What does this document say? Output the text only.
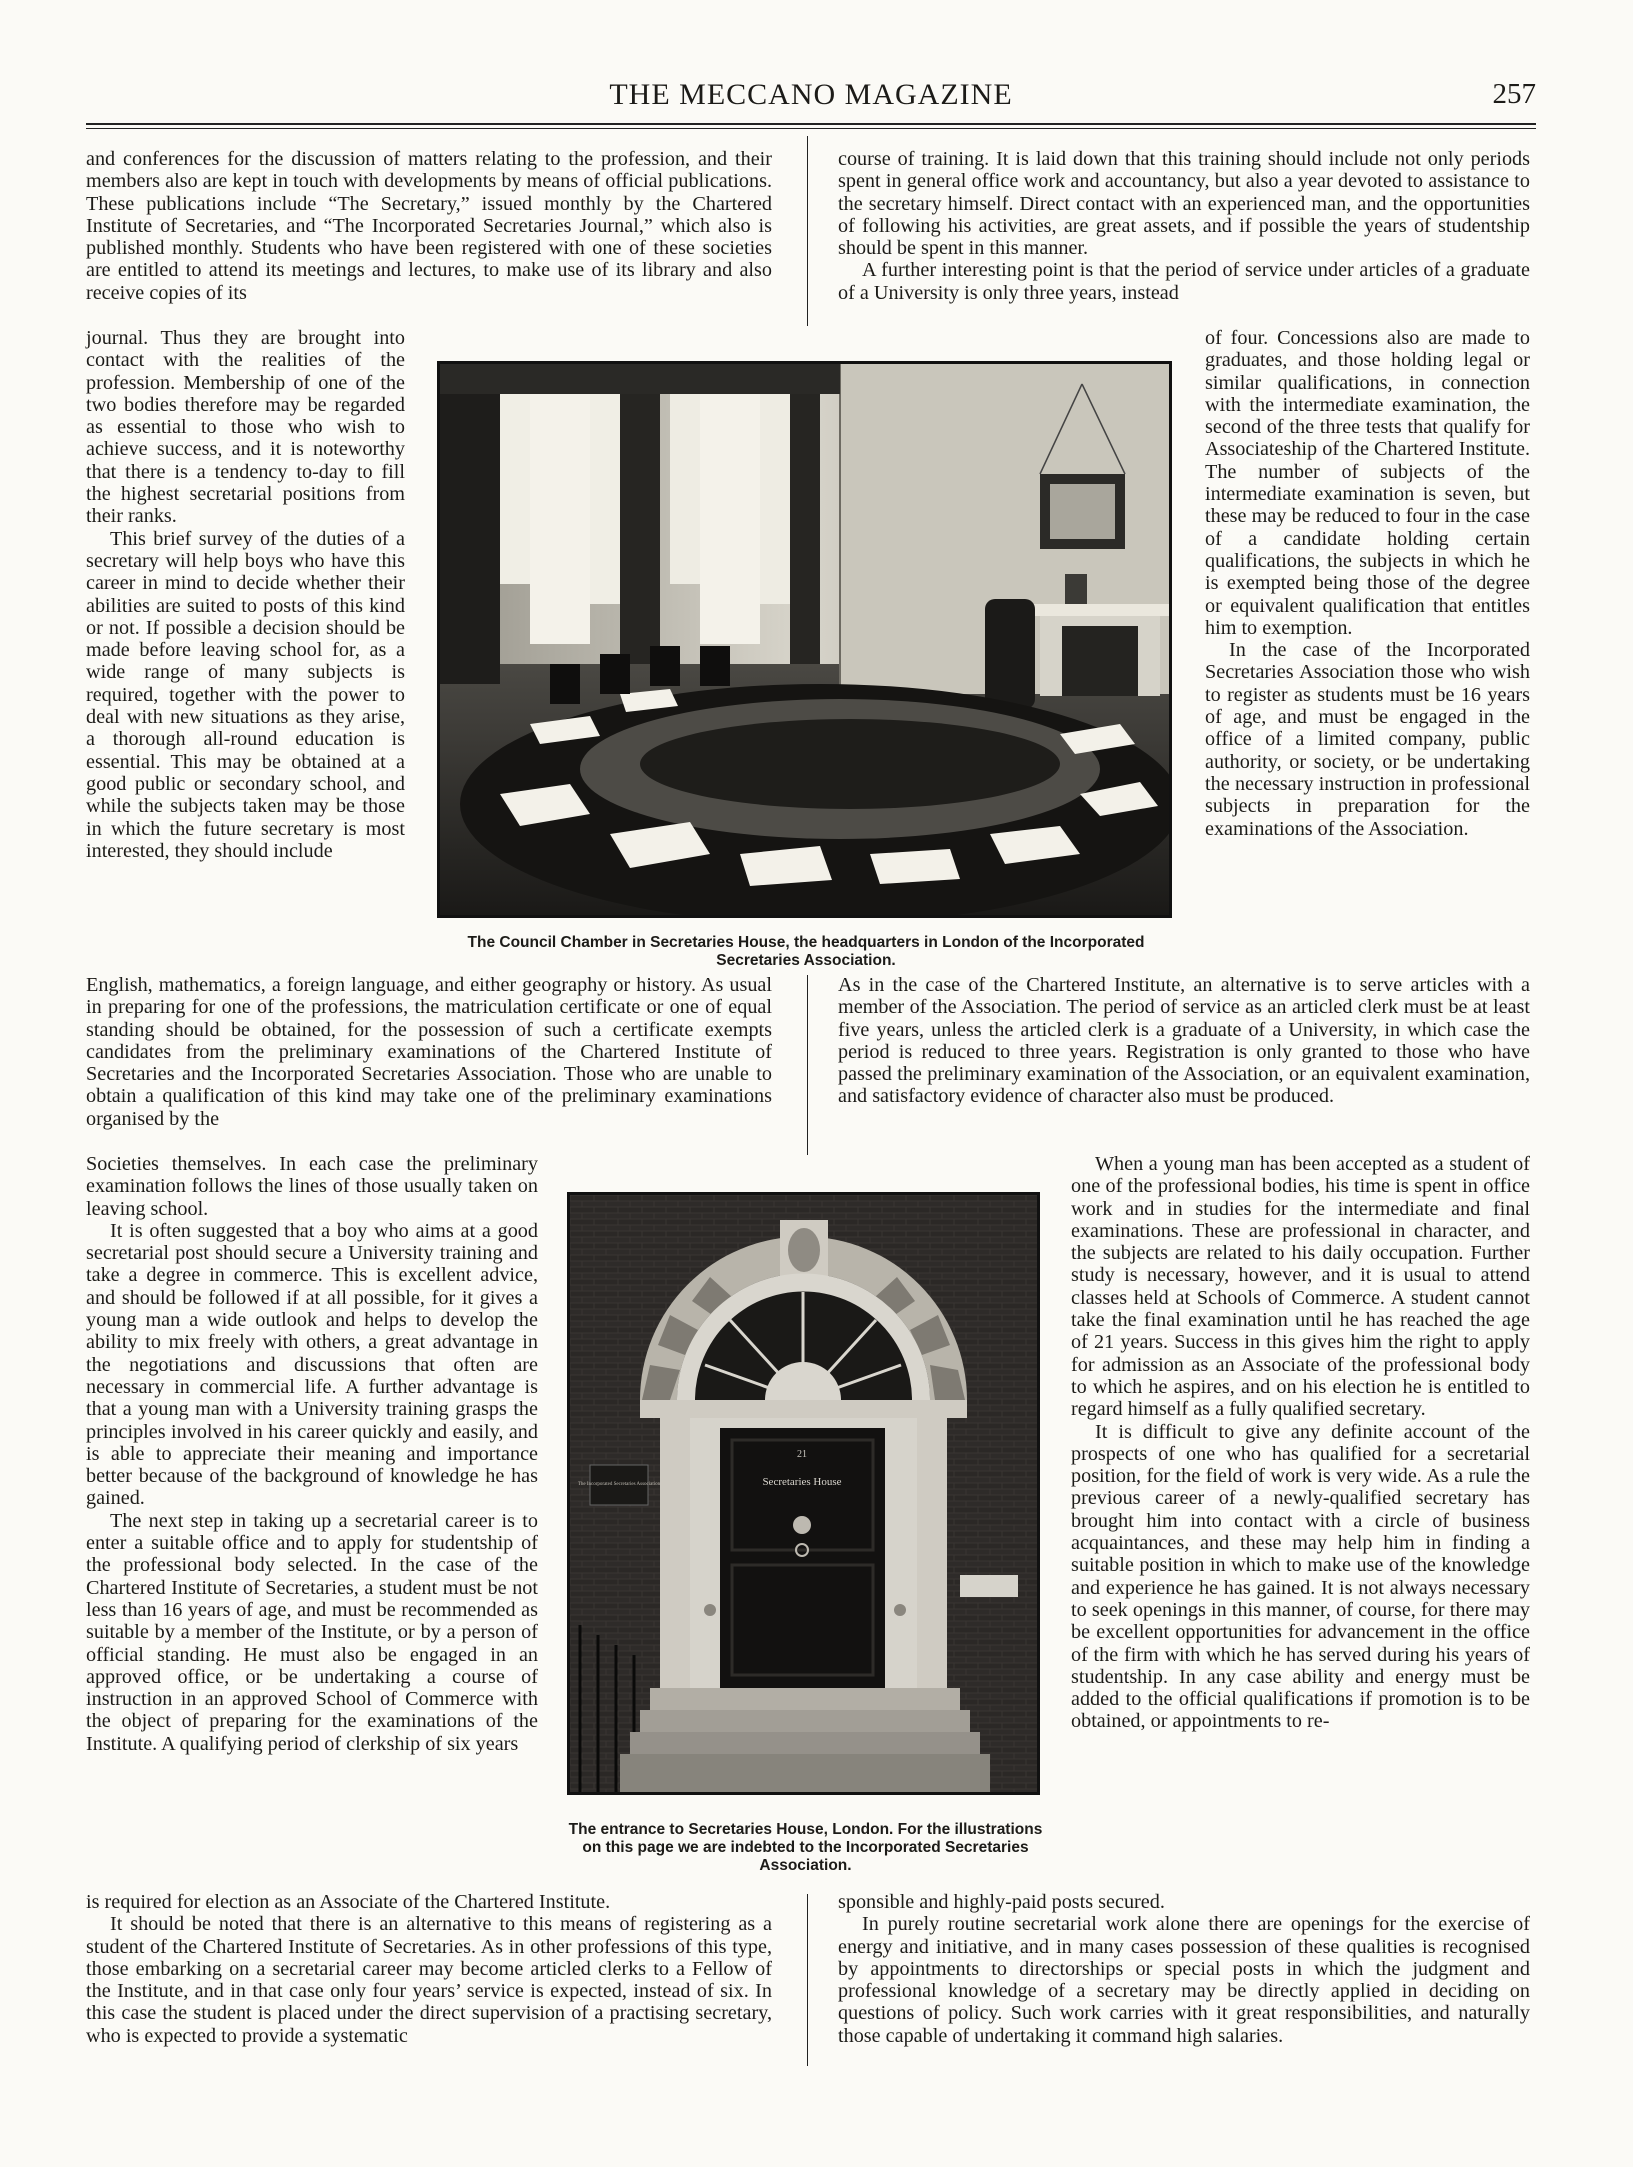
THE MECCANO MAGAZINE	257

and conferences for the discussion of matters relating to the profession, and their members also are kept in touch with developments by means of official publications. These publications include “The Secretary,” issued monthly by the Chartered Institute of Secretaries, and “The Incorporated Secretaries Journal,” which also is published monthly. Students who have been registered with one of these societies are entitled to attend its meetings and lectures, to make use of its library and also receive copies of its

journal. Thus they are brought into contact with the realities of the profession. Membership of one of the two bodies therefore may be regarded as essential to those who wish to achieve success, and it is noteworthy that there is a tendency to-day to fill the highest secretarial positions from their ranks.

This brief survey of the duties of a secretary will help boys who have this career in mind to decide whether their abilities are suited to posts of this kind or not. If possible a decision should be made before leaving school for, as a wide range of many subjects is required, together with the power to deal with new situations as they arise, a thorough all-round education is essential. This may be obtained at a good public or secondary school, and while the subjects taken may be those in which the future secretary is most interested, they should include

English, mathematics, a foreign language, and either geography or history. As usual in preparing for one of the professions, the matriculation certificate or one of equal standing should be obtained, for the possession of such a certificate exempts candidates from the preliminary examinations of the Chartered Institute of Secretaries and the Incorporated Secretaries Association. Those who are unable to obtain a qualification of this kind may take one of the preliminary examinations organised by the

Societies themselves. In each case the preliminary examination follows the lines of those usually taken on leaving school.

It is often suggested that a boy who aims at a good secretarial post should secure a University training and take a degree in commerce. This is excellent advice, and should be followed if at all possible, for it gives a young man a wide outlook and helps to develop the ability to mix freely with others, a great advantage in the negotiations and discussions that often are necessary in commercial life. A further advantage is that a young man with a University training grasps the principles involved in his career quickly and easily, and is able to appreciate their meaning and importance better because of the background of knowledge he has gained.

The next step in taking up a secretarial career is to enter a suitable office and to apply for studentship of the professional body selected. In the case of the Chartered Institute of Secretaries, a student must be not less than 16 years of age, and must be recommended as suitable by a member of the Institute, or by a person of official standing. He must also be engaged in an approved office, or be undertaking a course of instruction in an approved School of Commerce with the object of preparing for the examinations of the Institute. A qualifying period of clerkship of six years

is required for election as an Associate of the Chartered Institute.

It should be noted that there is an alternative to this means of registering as a student of the Chartered Institute of Secretaries. As in other professions of this type, those embarking on a secretarial career may become articled clerks to a Fellow of the Institute, and in that case only four years’ service is expected, instead of six. In this case the student is placed under the direct supervision of a practising secretary, who is expected to provide a systematic

course of training. It is laid down that this training should include not only periods spent in general office work and accountancy, but also a year devoted to assistance to the secretary himself. Direct contact with an experienced man, and the opportunities of following his activities, are great assets, and if possible the years of studentship should be spent in this manner.

A further interesting point is that the period of service under articles of a graduate of a University is only three years, instead

of four. Concessions also are made to graduates, and those holding legal or similar qualifications, in connection with the intermediate examination, the second of the three tests that qualify for Associateship of the Chartered Institute. The number of subjects of the intermediate examination is seven, but these may be reduced to four in the case of a candidate holding certain qualifications, the subjects in which he is exempted being those of the degree or equivalent qualification that entitles him to exemption.

In the case of the Incorporated Secretaries Association those who wish to register as students must be 16 years of age, and must be engaged in the office of a limited company, public authority, or society, or be undertaking the necessary instruction in professional subjects in preparation for the examinations of the Association.

As in the case of the Chartered Institute, an alternative is to serve articles with a member of the Association. The period of service as an articled clerk must be at least five years, unless the articled clerk is a graduate of a University, in which case the period is reduced to three years. Registration is only granted to those who have passed the preliminary examination of the Association, or an equivalent examination, and satisfactory evidence of character also must be produced.

When a young man has been accepted as a student of one of the professional bodies, his time is spent in office work and in studies for the intermediate and final examinations. These are professional in character, and the subjects are related to his daily occupation. Further study is necessary, however, and it is usual to attend classes held at Schools of Commerce. A student cannot take the final examination until he has reached the age of 21 years. Success in this gives him the right to apply for admission as an Associate of the professional body to which he aspires, and on his election he is entitled to regard himself as a fully qualified secretary.

It is difficult to give any definite account of the prospects of one who has qualified for a secretarial position, for the field of work is very wide. As a rule the previous career of a newly-qualified secretary has brought him into contact with a circle of business acquaintances, and these may help him in finding a suitable position in which to make use of the knowledge and experience he has gained. It is not always necessary to seek openings in this manner, of course, for there may be excellent opportunities for advancement in the office of the firm with which he has served during his years of studentship. In any case ability and energy must be added to the official qualifications if promotion is to be obtained, or appointments to re-

sponsible and highly-paid posts secured.

In purely routine secretarial work alone there are openings for the exercise of energy and initiative, and in many cases possession of these qualities is recognised by appointments to directorships or special posts in which the judgment and professional knowledge of a secretary may be directly applied in deciding on questions of policy. Such work carries with it great responsibilities, and naturally those capable of undertaking it command high salaries.

The Council Chamber in Secretaries House, the headquarters in London of the Incorporated Secretaries Association.
Secretaries House
21
The Incorporated Secretaries Association
The entrance to Secretaries House, London. For the illustrations on this page we are indebted to the Incorporated Secretaries Association.
